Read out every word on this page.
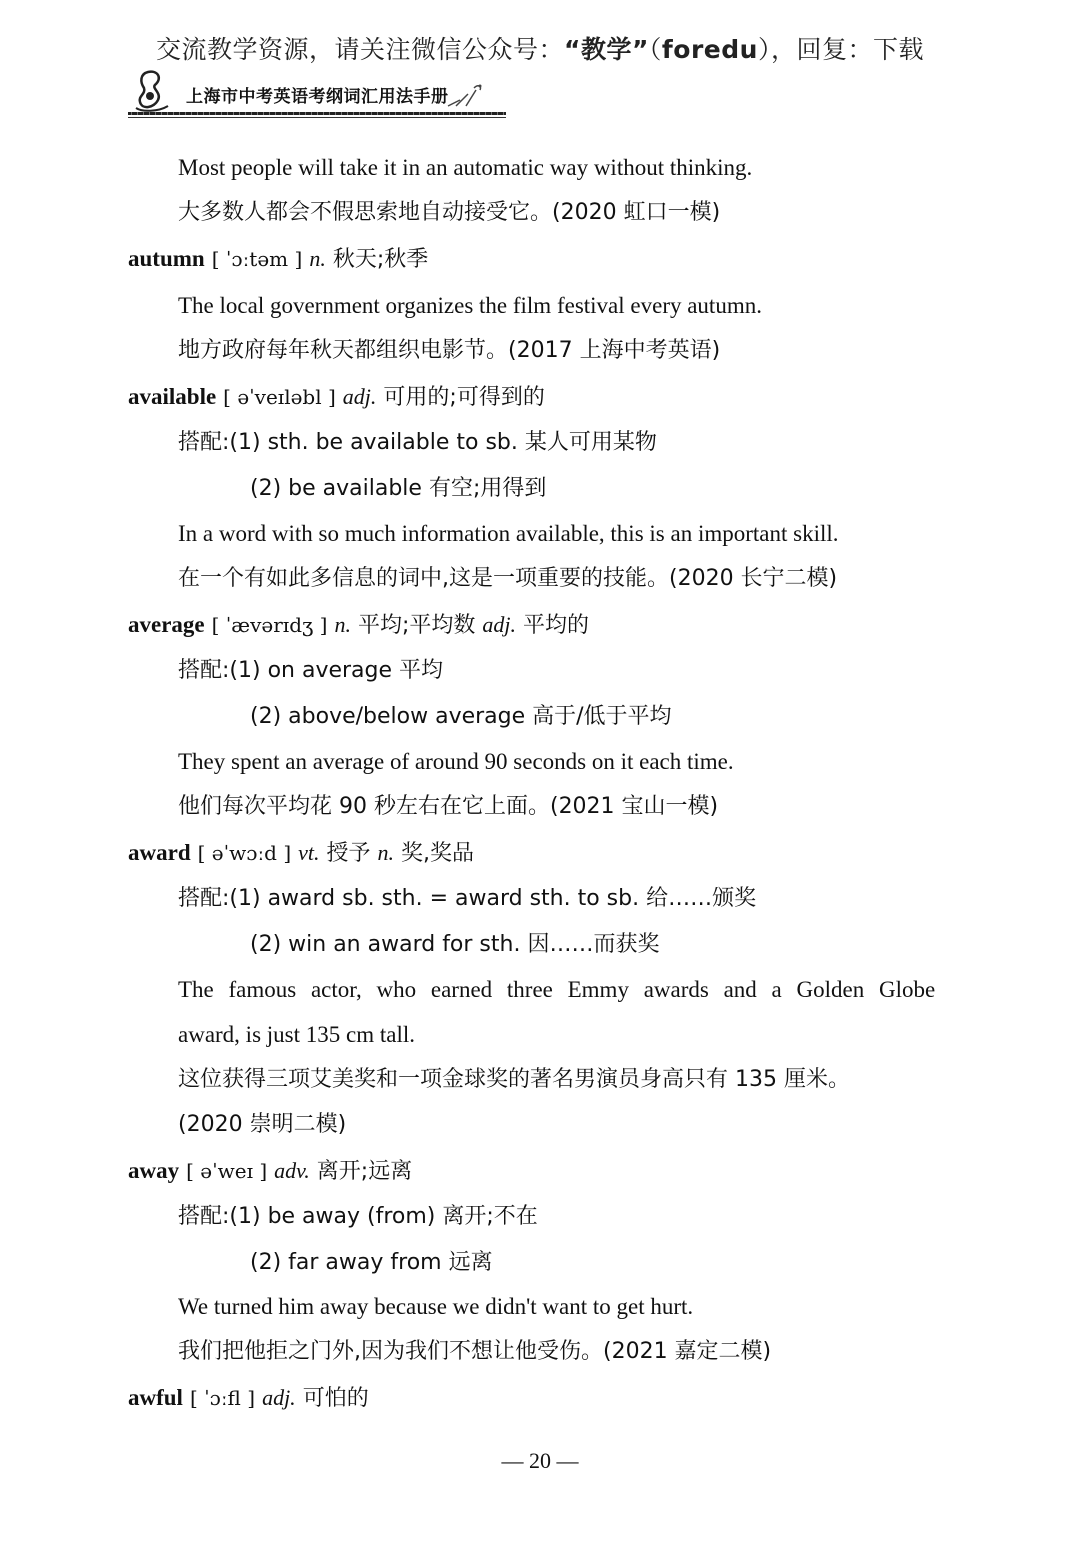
交流教学资源，请关注微信公众号：“教学”（foredu），回复：下载
上海市中考英语考纲词汇用法手册
Most people will take it in an automatic way without thinking.
大多数人都会不假思索地自动接受它。(2020 虹口一模)
autumn [ ˈɔːtəm ] n. 秋天;秋季
The local government organizes the film festival every autumn.
地方政府每年秋天都组织电影节。(2017 上海中考英语)
available [ əˈveɪləbl ] adj. 可用的;可得到的
搭配:(1) sth. be available to sb. 某人可用某物
(2) be available 有空;用得到
In a word with so much information available, this is an important skill.
在一个有如此多信息的词中,这是一项重要的技能。(2020 长宁二模)
average [ ˈævərɪdʒ ] n. 平均;平均数 adj. 平均的
搭配:(1) on average 平均
(2) above/below average 高于/低于平均
They spent an average of around 90 seconds on it each time.
他们每次平均花 90 秒左右在它上面。(2021 宝山一模)
award [ əˈwɔːd ] vt. 授予 n. 奖,奖品
搭配:(1) award sb. sth. = award sth. to sb. 给……颁奖
(2) win an award for sth. 因……而获奖
The famous actor, who earned three Emmy awards and a Golden Globe
award, is just 135 cm tall.
这位获得三项艾美奖和一项金球奖的著名男演员身高只有 135 厘米。
(2020 崇明二模)
away [ əˈweɪ ] adv. 离开;远离
搭配:(1) be away (from) 离开;不在
(2) far away from 远离
We turned him away because we didn't want to get hurt.
我们把他拒之门外,因为我们不想让他受伤。(2021 嘉定二模)
awful [ ˈɔːfl ] adj. 可怕的
— 20 —
